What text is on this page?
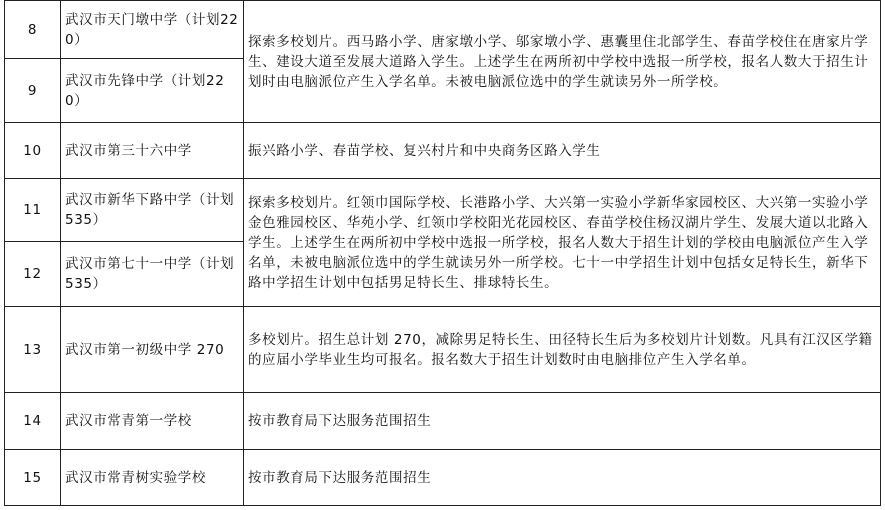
8	武汉市天门墩中学（计划220）	探索多校划片。西马路小学、唐家墩小学、邬家墩小学、惠囊里住北部学生、春苗学校住在唐家片学生、建设大道至发展大道路入学生。上述学生在两所初中学校中选报一所学校，报名人数大于招生计划时由电脑派位产生入学名单。未被电脑派位选中的学生就读另外一所学校。
9	武汉市先锋中学（计划220）	
10	武汉市第三十六中学	振兴路小学、春苗学校、复兴村片和中央商务区路入学生
11	武汉市新华下路中学（计划535）	探索多校划片。红领巾国际学校、长港路小学、大兴第一实验小学新华家园校区、大兴第一实验小学金色雅园校区、华苑小学、红领巾学校阳光花园校区、春苗学校住杨汉湖片学生、发展大道以北路入学生。上述学生在两所初中学校中选报一所学校，报名人数大于招生计划的学校由电脑派位产生入学名单，未被电脑派位选中的学生就读另外一所学校。七十一中学招生计划中包括女足特长生，新华下路中学招生计划中包括男足特长生、排球特长生。
12	武汉市第七十一中学（计划535）	
13	武汉市第一初级中学 270	多校划片。招生总计划 270，减除男足特长生、田径特长生后为多校划片计划数。凡具有江汉区学籍的应届小学毕业生均可报名。报名数大于招生计划数时由电脑排位产生入学名单。
14	武汉市常青第一学校	按市教育局下达服务范围招生
15	武汉市常青树实验学校	按市教育局下达服务范围招生
